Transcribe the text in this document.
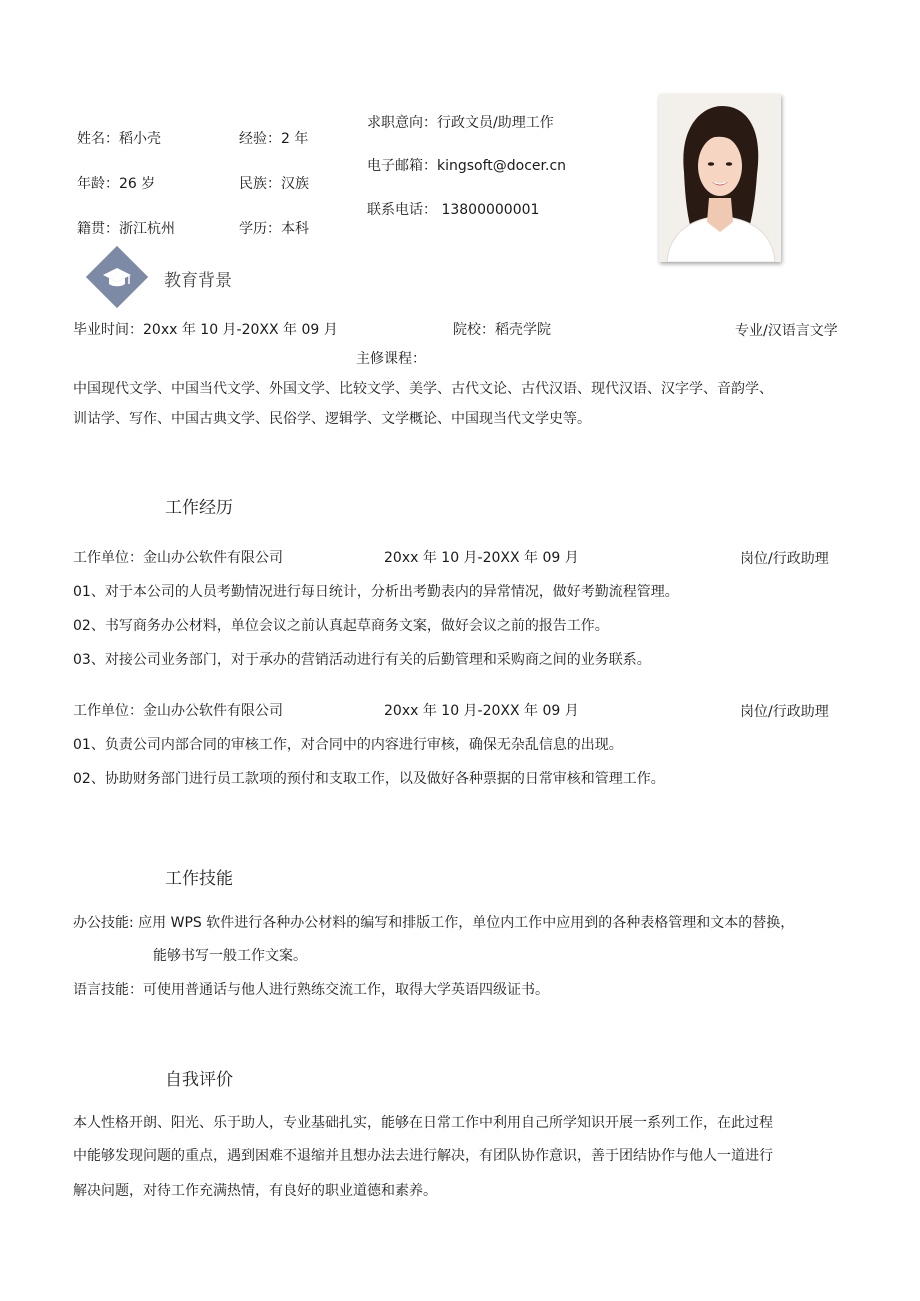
姓名：稻小壳	经验：2 年
年龄：26 岁	民族：汉族
籍贯：浙江杭州	学历：本科
求职意向：行政文员/助理工作
电子邮箱：kingsoft@docer.cn
联系电话： 13800000001
教育背景
毕业时间：20xx 年 10 月-20XX 年 09 月	院校：稻壳学院	专业/汉语言文学
主修课程：
中国现代文学、中国当代文学、外国文学、比较文学、美学、古代文论、古代汉语、现代汉语、汉字学、音韵学、
训诂学、写作、中国古典文学、民俗学、逻辑学、文学概论、中国现当代文学史等。
工作经历
工作单位：金山办公软件有限公司	20xx 年 10 月-20XX 年 09 月	岗位/行政助理
01、对于本公司的人员考勤情况进行每日统计，分析出考勤表内的异常情况，做好考勤流程管理。
02、书写商务办公材料，单位会议之前认真起草商务文案，做好会议之前的报告工作。
03、对接公司业务部门，对于承办的营销活动进行有关的后勤管理和采购商之间的业务联系。
工作单位：金山办公软件有限公司	20xx 年 10 月-20XX 年 09 月	岗位/行政助理
01、负责公司内部合同的审核工作，对合同中的内容进行审核，确保无杂乱信息的出现。
02、协助财务部门进行员工款项的预付和支取工作，以及做好各种票据的日常审核和管理工作。
工作技能
办公技能: 应用 WPS 软件进行各种办公材料的编写和排版工作，单位内工作中应用到的各种表格管理和文本的替换，
能够书写一般工作文案。
语言技能：可使用普通话与他人进行熟练交流工作，取得大学英语四级证书。
自我评价
本人性格开朗、阳光、乐于助人，专业基础扎实，能够在日常工作中利用自己所学知识开展一系列工作，在此过程
中能够发现问题的重点，遇到困难不退缩并且想办法去进行解决，有团队协作意识，善于团结协作与他人一道进行
解决问题，对待工作充满热情，有良好的职业道德和素养。
